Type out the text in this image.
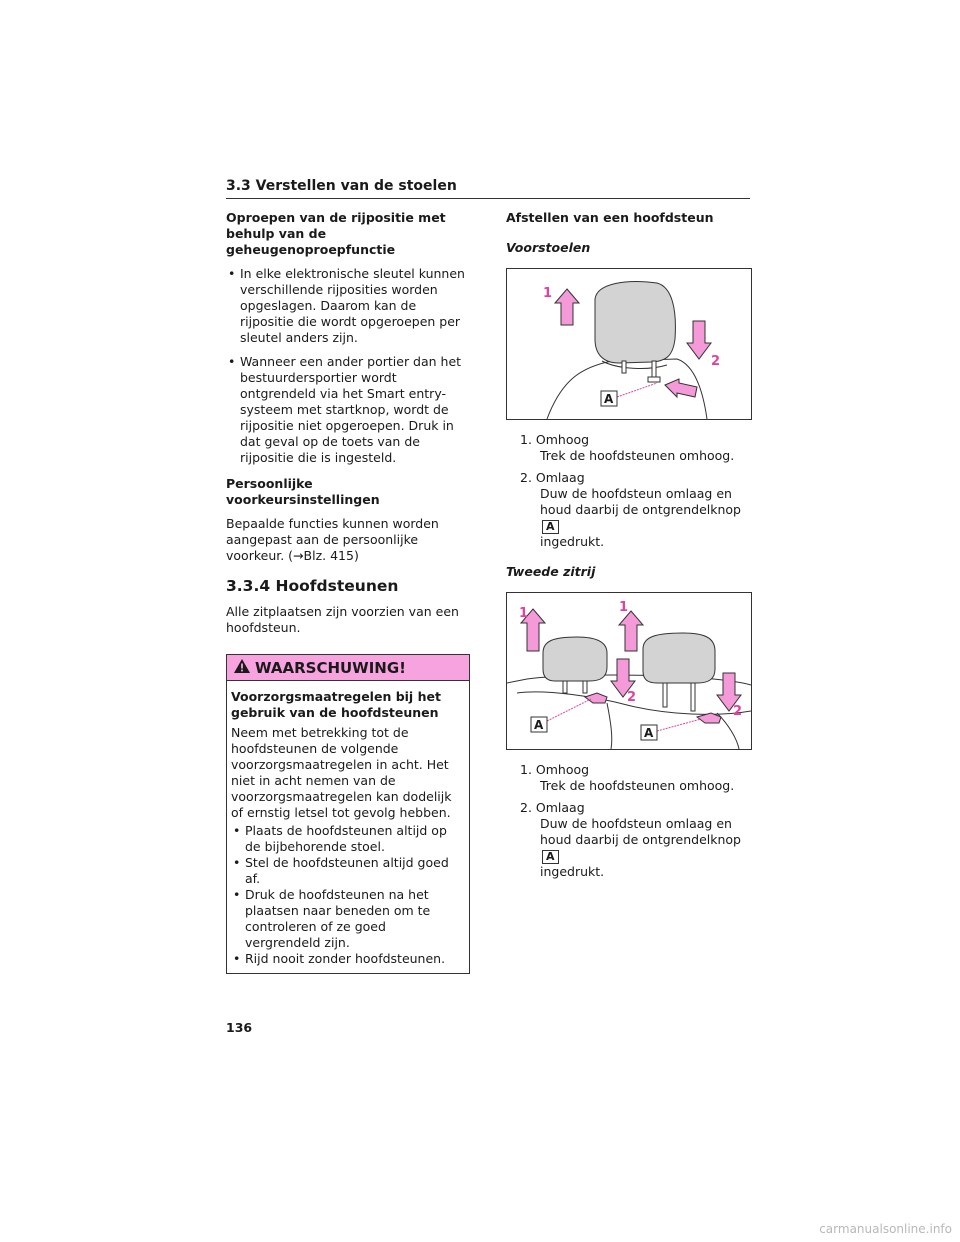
3.3 Verstellen van de stoelen
Oproepen van de rijpositie met behulp van de geheugenoproepfunctie
• In elke elektronische sleutel kunnen verschillende rijposities worden opgeslagen. Daarom kan de rijpositie die wordt opgeroepen per sleutel anders zijn.
• Wanneer een ander portier dan het bestuurdersportier wordt ontgrendeld via het Smart entry-systeem met startknop, wordt de rijpositie niet opgeroepen. Druk in dat geval op de toets van de rijpositie die is ingesteld.
Persoonlijke voorkeursinstellingen

Bepaalde functies kunnen worden aangepast aan de persoonlijke voorkeur. (→Blz. 415)

3.3.4 Hoofdsteunen

Alle zitplaatsen zijn voorzien van een hoofdsteun.

WAARSCHUWING!
Voorzorgsmaatregelen bij het gebruik van de hoofdsteunen

Neem met betrekking tot de hoofdsteunen de volgende voorzorgsmaatregelen in acht. Het niet in acht nemen van de voorzorgsmaatregelen kan dodelijk of ernstig letsel tot gevolg hebben.

• Plaats de hoofdsteunen altijd op de bijbehorende stoel.
• Stel de hoofdsteunen altijd goed af.
• Druk de hoofdsteunen na het plaatsen naar beneden om te controleren of ze goed vergrendeld zijn.
• Rijd nooit zonder hoofdsteunen.
Afstellen van een hoofdsteun
Voorstoelen
1
2
A
1. Omhoog
Trek de hoofdsteunen omhoog.
2. Omlaag
Duw de hoofdsteun omlaag en houd daarbij de ontgrendelknop A
ingedrukt.
Tweede zitrij
1	1
2
2
A
A
1. Omhoog
Trek de hoofdsteunen omhoog.
2. Omlaag
Duw de hoofdsteun omlaag en houd daarbij de ontgrendelknop A
ingedrukt.
136
carmanualsonline.info
